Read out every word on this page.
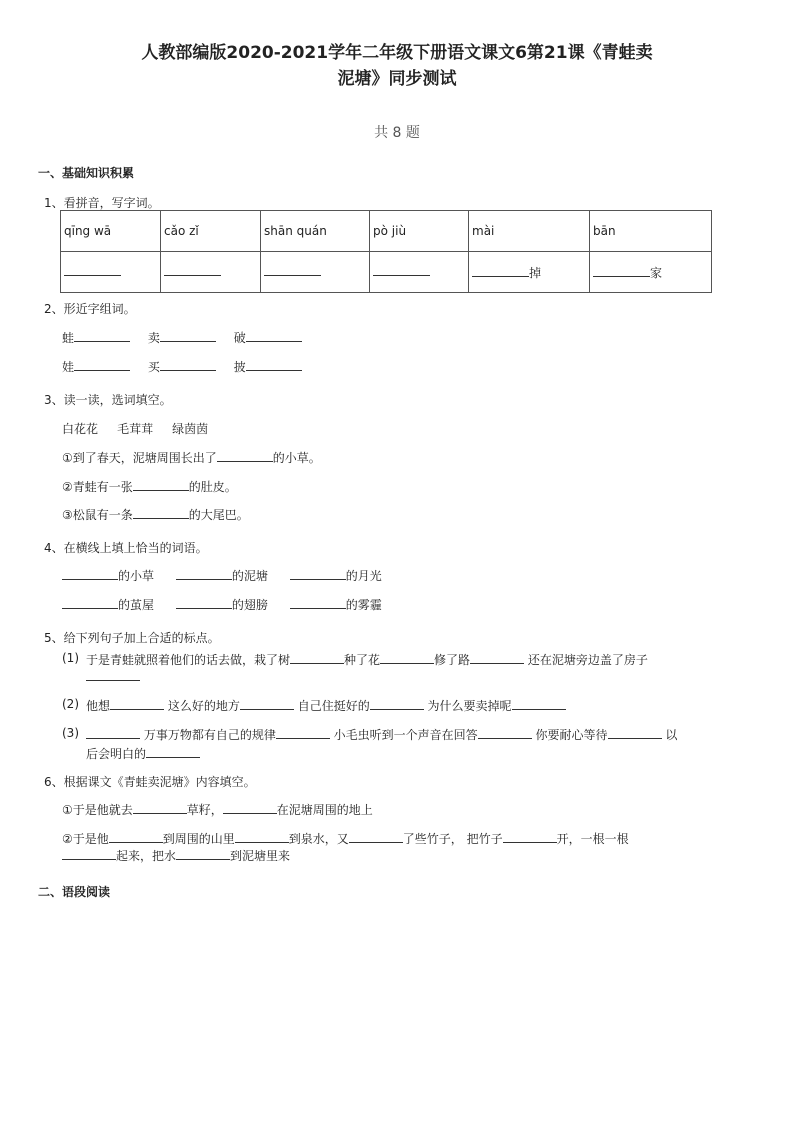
人教部编版2020-2021学年二年级下册语文课文6第21课《青蛙卖
泥塘》同步测试
共 8 题
一、基础知识积累
1、看拼音，写字词。
qīng wā	cǎo zǐ	shān quán	pò jiù	mài	bān
				掉	家
2、形近字组词。
蛙	卖	破
娃	买	披
3、读一读，选词填空。
白花花     毛茸茸     绿茵茵
①到了春天，泥塘周围长出了	的小草。
②青蛙有一张	的肚皮。
③松鼠有一条	的大尾巴。
4、在横线上填上恰当的词语。
的小草	的泥塘	的月光
的茧屋	的翅膀	的雾霾
5、给下列句子加上合适的标点。
(1) 于是青蛙就照着他们的话去做，栽了树	种了花	修了路	还在泥塘旁边盖了房子
(2) 他想	这么好的地方	自己住挺好的	为什么要卖掉呢
(3)	万事万物都有自己的规律	小毛虫听到一个声音在回答	你要耐心等待	以
后会明白的
6、根据课文《青蛙卖泥塘》内容填空。
①于是他就去	草籽，	在泥塘周围的地上
②于是他	到周围的山里	到泉水，又	了些竹子， 把竹子	开，一根一根
起来，把水	到泥塘里来
二、语段阅读
